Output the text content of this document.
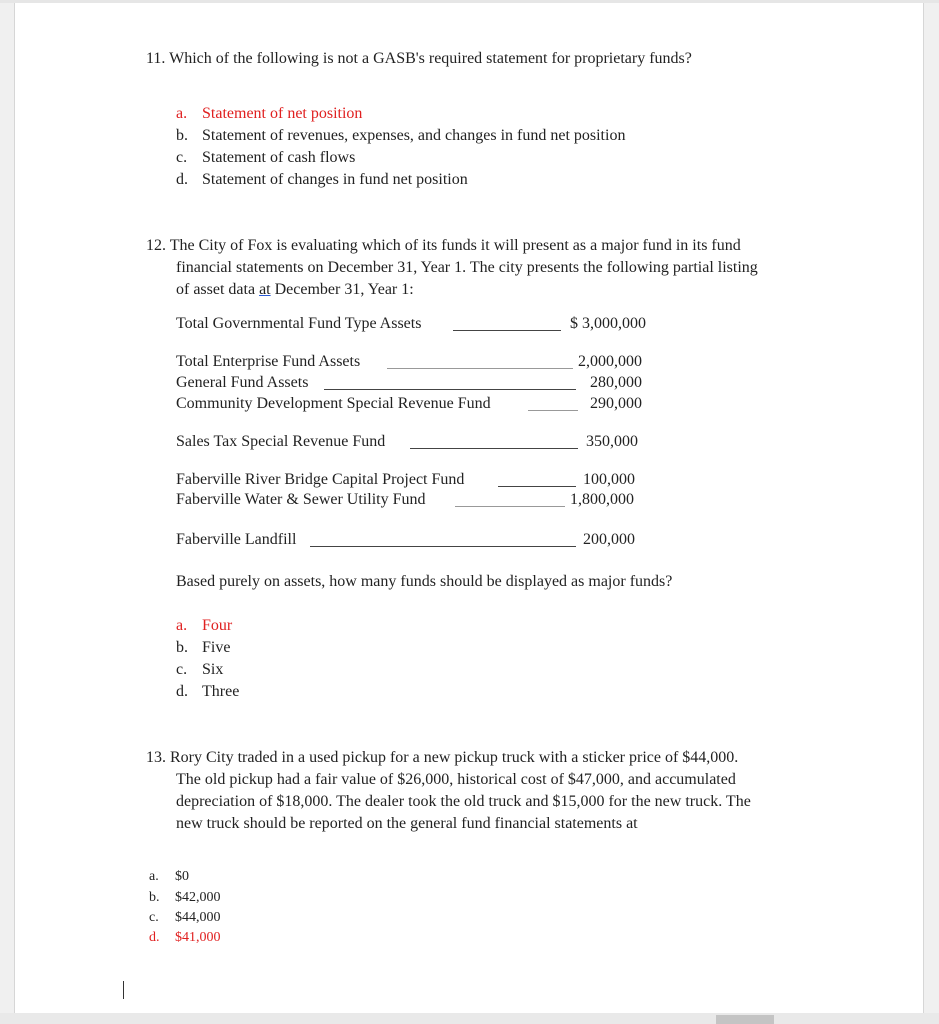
11. Which of the following is not a GASB's required statement for proprietary funds?
a. Statement of net position
b. Statement of revenues, expenses, and changes in fund net position
c. Statement of cash flows
d. Statement of changes in fund net position
12. The City of Fox is evaluating which of its funds it will present as a major fund in its fund
financial statements on December 31, Year 1. The city presents the following partial listing
of asset data at December 31, Year 1:
Total Governmental Fund Type Assets	$ 3,000,000
Total Enterprise Fund Assets	2,000,000
General Fund Assets	280,000
Community Development Special Revenue Fund	290,000
Sales Tax Special Revenue Fund	350,000
Faberville River Bridge Capital Project Fund	100,000
Faberville Water & Sewer Utility Fund	1,800,000
Faberville Landfill	200,000
Based purely on assets, how many funds should be displayed as major funds?
a. Four
b. Five
c. Six
d. Three
13. Rory City traded in a used pickup for a new pickup truck with a sticker price of $44,000.
The old pickup had a fair value of $26,000, historical cost of $47,000, and accumulated
depreciation of $18,000. The dealer took the old truck and $15,000 for the new truck. The
new truck should be reported on the general fund financial statements at
a. $0
b. $42,000
c. $44,000
d. $41,000
